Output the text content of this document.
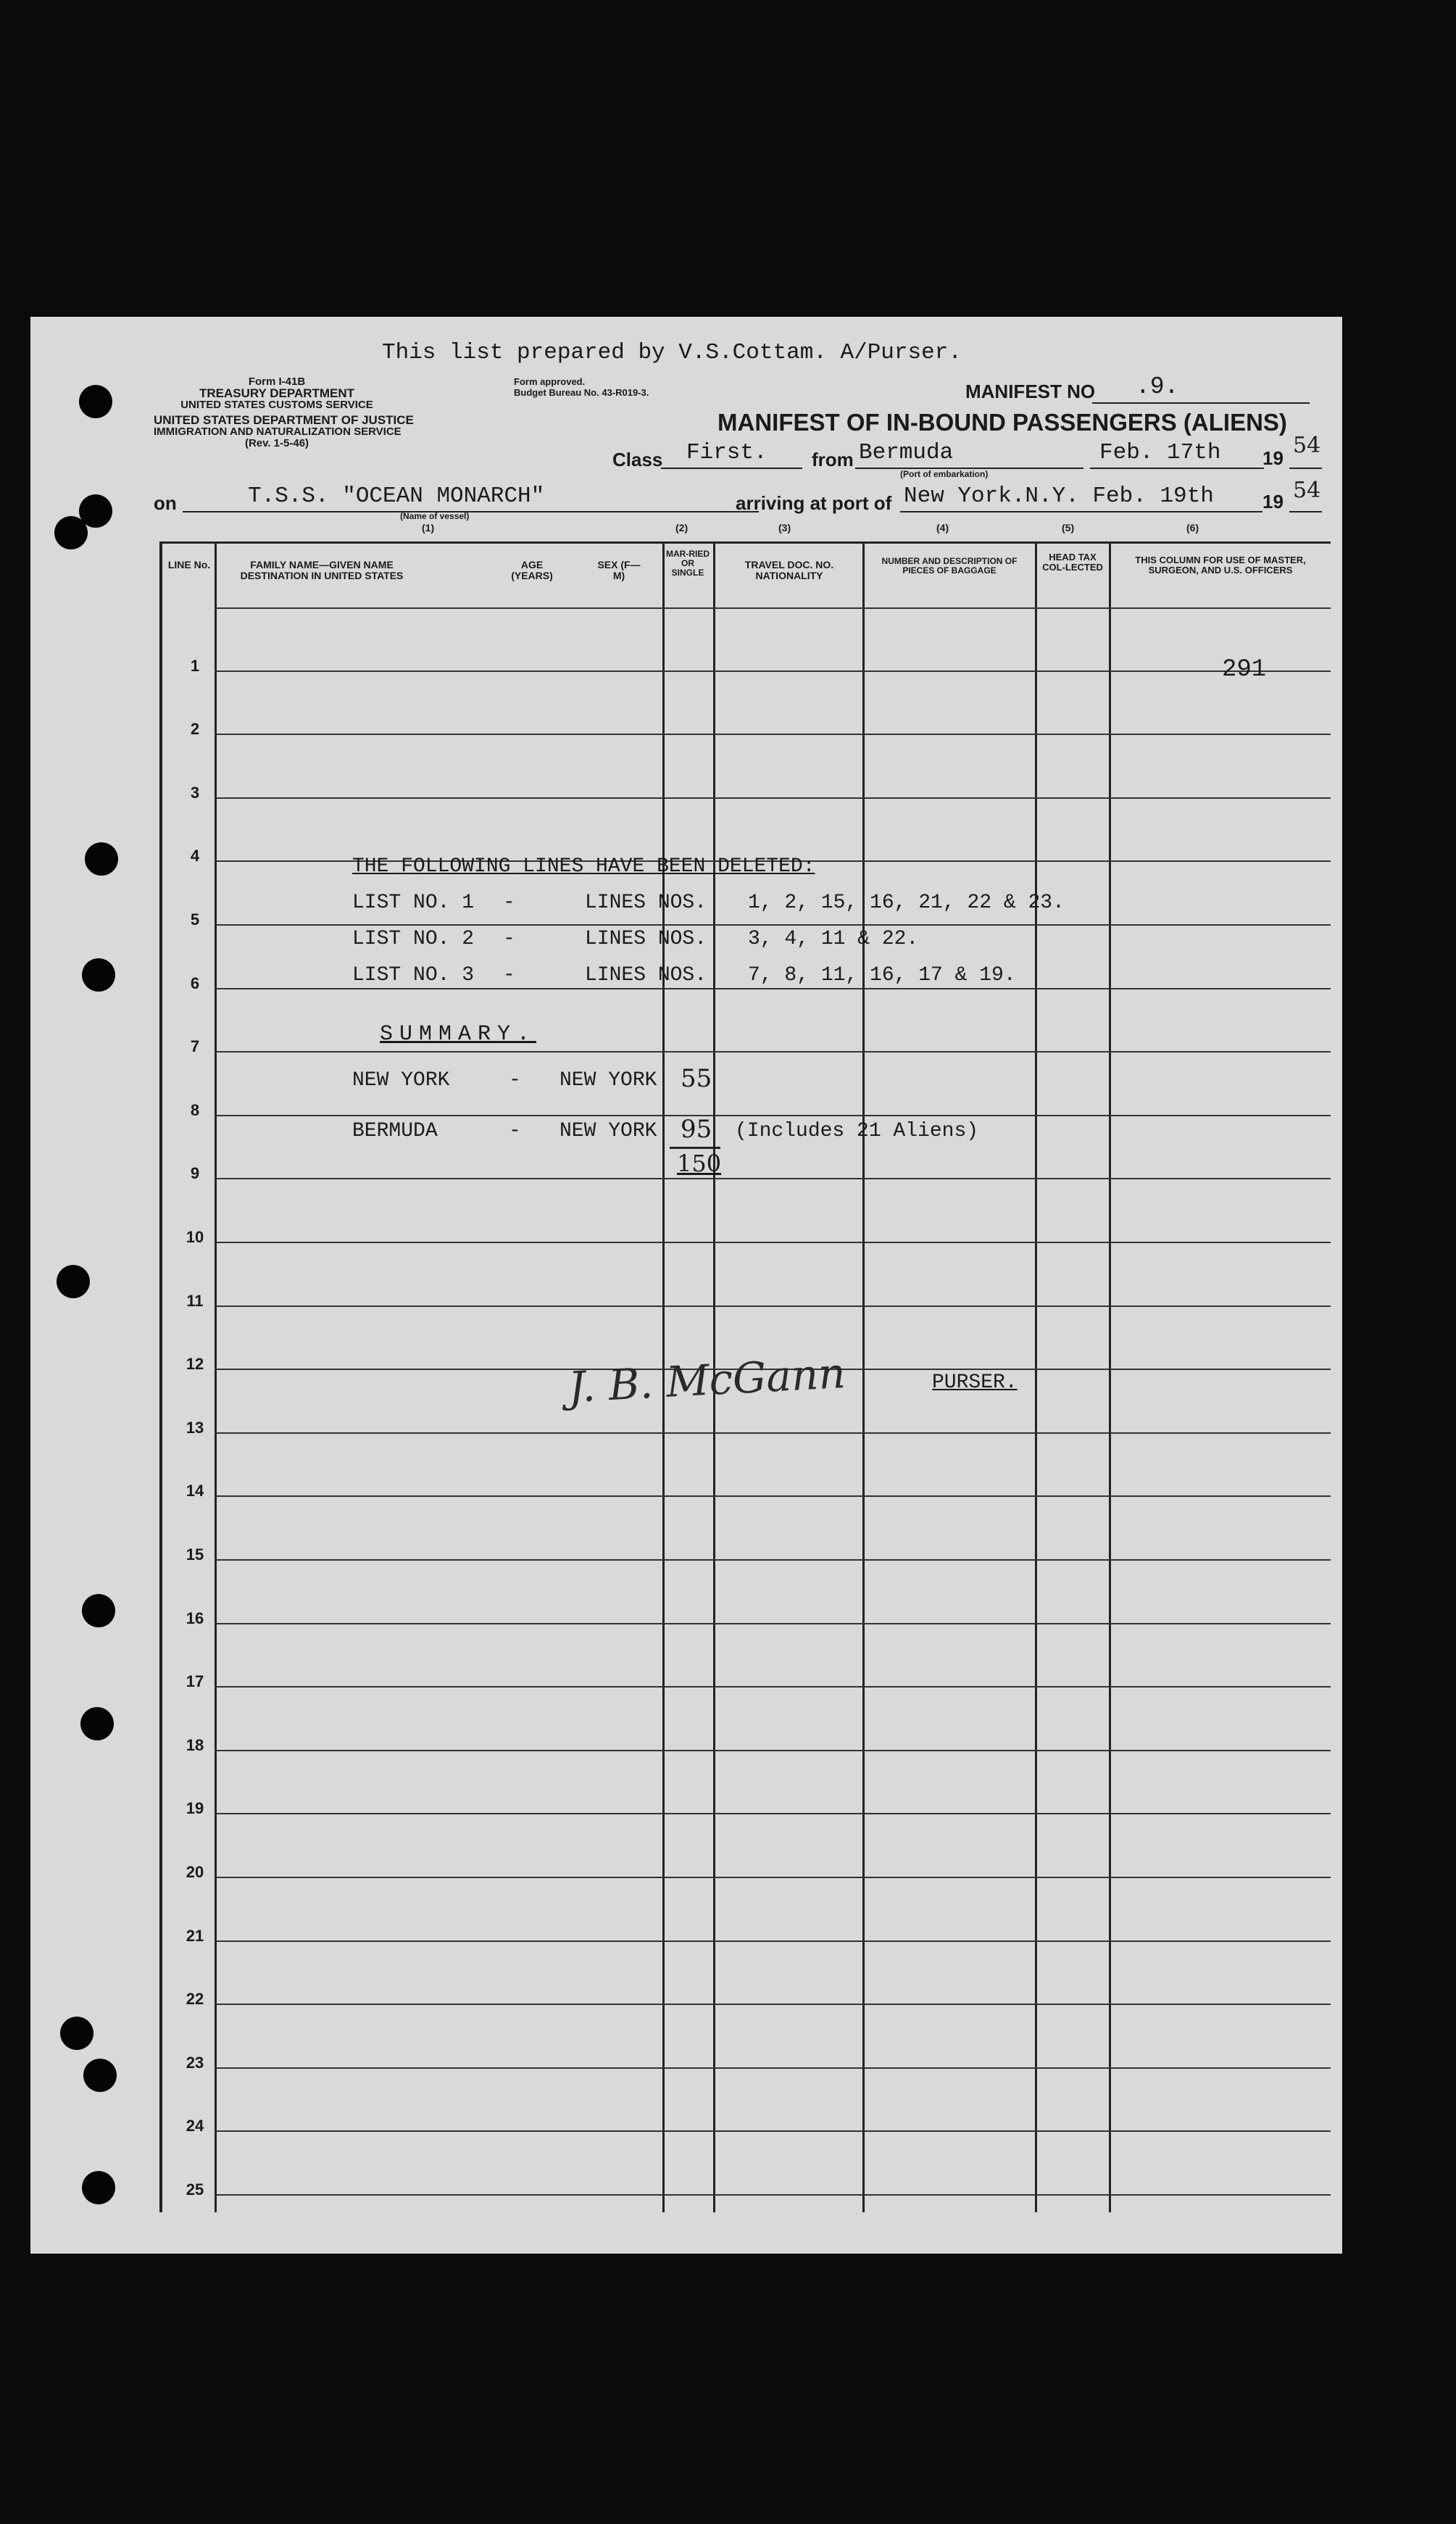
This list prepared by V.S.Cottam. A/Purser.
Form I-41B
TREASURY DEPARTMENT
UNITED STATES CUSTOMS SERVICE
UNITED STATES DEPARTMENT OF JUSTICE
IMMIGRATION AND NATURALIZATION SERVICE
(Rev. 1-5-46)
Form approved.
Budget Bureau No. 43-R019-3.	MANIFEST NO .9.
MANIFEST OF IN-BOUND PASSENGERS (ALIENS)
Class First. from Bermuda
(Port of embarkation)
Feb. 17th 19 54
on	T.S.S. "OCEAN MONARCH"
(Name of vessel)
arriving at port of New York.N.Y. Feb. 19th	19 54
(1)	(2)	(3)	(4)	(5)	(6)
LINE No.	FAMILY NAME—GIVEN NAME
DESTINATION IN UNITED STATES
AGE (YEARS)
SEX (F—M)
MAR-RIED OR SINGLE
TRAVEL DOC. NO. NATIONALITY
NUMBER AND DESCRIPTION OF PIECES OF BAGGAGE
HEAD TAX COL-LECTED
THIS COLUMN FOR USE OF MASTER, SURGEON, AND U.S. OFFICERS
1
2
3
4
5
6
7
8
9
10
11
12
13
14
15
16
17
18
19
20
21
22
23
24
25
291
THE FOLLOWING LINES HAVE BEEN DELETED:
LIST NO. 1 -	LINES NOS. 1, 2, 15, 16, 21, 22 & 23.
LIST NO. 2 -	LINES NOS. 3, 4, 11 & 22.
LIST NO. 3 -	LINES NOS. 7, 8, 11, 16, 17 & 19.
SUMMARY.
NEW YORK	- NEW YORK 55
BERMUDA	- NEW YORK 95 (Includes 21 Aliens)
150
J. B. McGann	PURSER.
